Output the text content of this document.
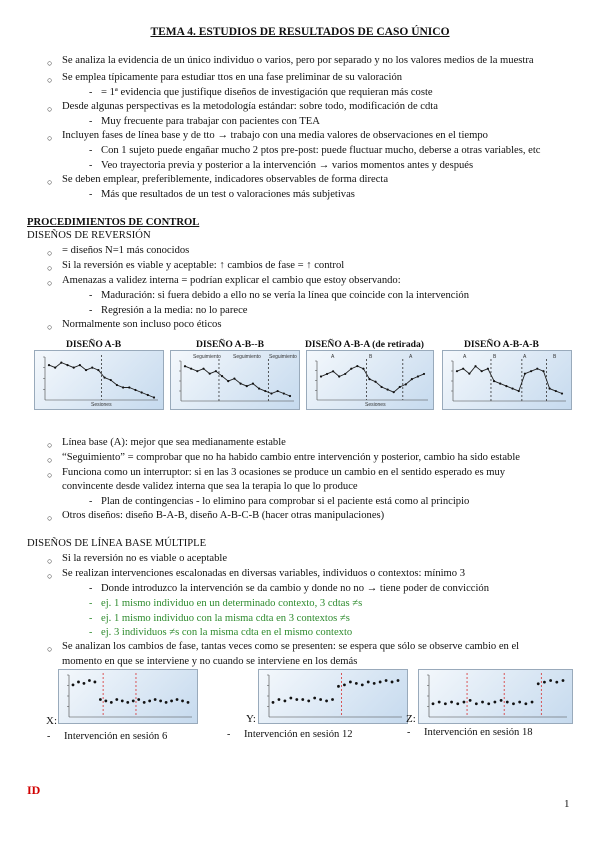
TEMA 4. ESTUDIOS DE RESULTADOS DE CASO ÚNICO
○ Se analiza la evidencia de un único individuo o varios, pero por separado y no los valores medios de la muestra
○ Se emplea típicamente para estudiar ttos en una fase preliminar de su valoración
- = 1ª evidencia que justifique diseños de investigación que requieran más coste
○ Desde algunas perspectivas es la metodología estándar: sobre todo, modificación de cdta
- Muy frecuente para trabajar con pacientes con TEA
○ Incluyen fases de línea base y de tto → trabajo con una media valores de observaciones en el tiempo
- Con 1 sujeto puede engañar mucho 2 ptos pre-post: puede fluctuar mucho, deberse a otras variables, etc
- Veo trayectoria previa y posterior a la intervención → varios momentos antes y después
○ Se deben emplear, preferiblemente, indicadores observables de forma directa
- Más que resultados de un test o valoraciones más subjetivas
PROCEDIMIENTOS DE CONTROL
DISEÑOS DE REVERSIÓN
○ = diseños N=1 más conocidos
○ Si la reversión es viable y aceptable: ↑ cambios de fase = ↑ control
○ Amenazas a validez interna = podrían explicar el cambio que estoy observando:
- Maduración: si fuera debido a ello no se vería la línea que coincide con la intervención
- Regresión a la media: no lo parece
○ Normalmente son incluso poco éticos
DISEÑO A-B	DISEÑO A-B--B	DISEÑO A-B-A (de retirada)	DISEÑO A-B-A-B
Sesiones
Seguimiento Seguimiento Seguimiento	A	B	A
Sesiones
A	B	A	B
○ Línea base (A): mejor que sea medianamente estable
○ “Seguimiento” = comprobar que no ha habido cambio entre intervención y posterior, cambio ha sido estable
○ Funciona como un interruptor: si en las 3 ocasiones se produce un cambio en el sentido esperado es muy
convincente desde validez interna que sea la terapia lo que lo produce
- Plan de contingencias - lo elimino para comprobar si el paciente está como al principio
○ Otros diseños: diseño B-A-B, diseño A-B-C-B (hacer otras manipulaciones)
DISEÑOS DE LÍNEA BASE MÚLTIPLE
○ Si la reversión no es viable o aceptable
○ Se realizan intervenciones escalonadas en diversas variables, individuos o contextos: mínimo 3
- Donde introduzco la intervención se da cambio y donde no no → tiene poder de convicción
- ej. 1 mismo individuo en un determinado contexto, 3 cdtas ≠s
- ej. 1 mismo individuo con la misma cdta en 3 contextos ≠s
- ej. 3 individuos ≠s con la misma cdta en el mismo contexto
○ Se analizan los cambios de fase, tantas veces como se presenten: se espera que sólo se observe cambio en el
momento en que se interviene y no cuando se interviene en los demás
X:	Y:	Z:
- Intervención en sesión 6	- Intervención en sesión 12	- Intervención en sesión 18
ID
1
